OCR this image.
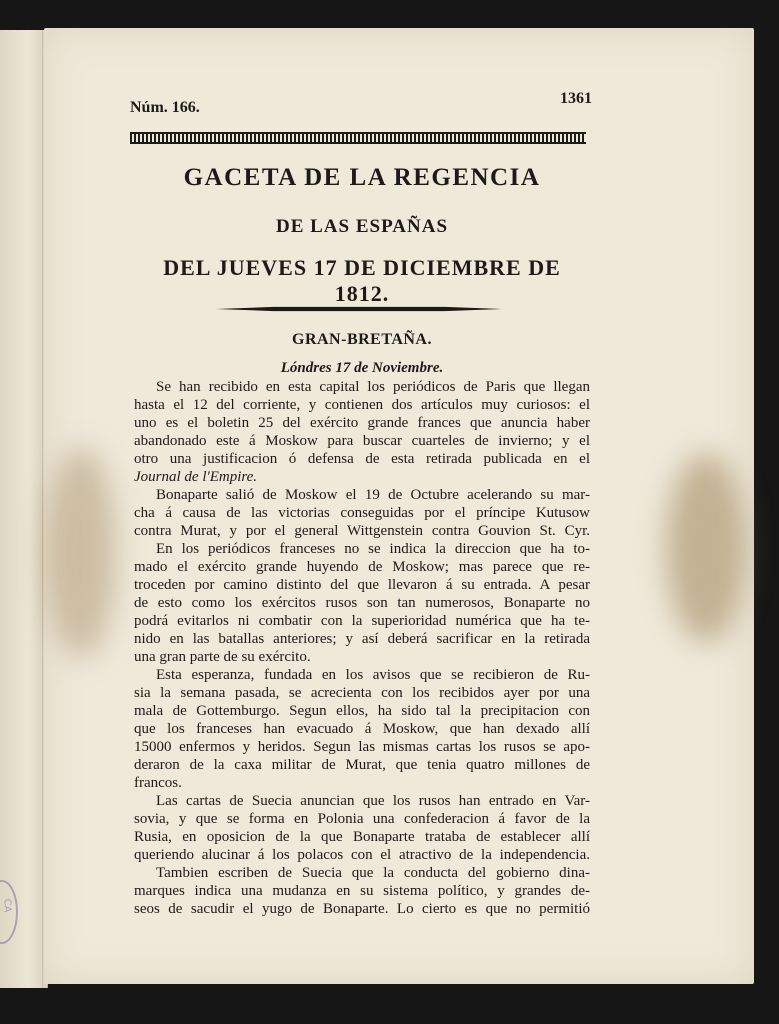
CA
Núm. 166.
1361
GACETA DE LA REGENCIA
DE LAS ESPAÑAS
DEL JUEVES 17 DE DICIEMBRE DE 1812.
GRAN-BRETAÑA.
Lóndres 17 de Noviembre.
Se han recibido en esta capital los periódicos de Paris que llegan
hasta el 12 del corriente, y contienen dos artículos muy curiosos: el
uno es el boletin 25 del exército grande frances que anuncia haber
abandonado este á Moskow para buscar cuarteles de invierno; y el
otro una justificacion ó defensa de esta retirada publicada en el
Journal de l'Empire.
Bonaparte salió de Moskow el 19 de Octubre acelerando su mar-
cha á causa de las victorias conseguidas por el príncipe Kutusow
contra Murat, y por el general Wittgenstein contra Gouvion St. Cyr.
En los periódicos franceses no se indica la direccion que ha to-
mado el exército grande huyendo de Moskow; mas parece que re-
troceden por camino distinto del que llevaron á su entrada. A pesar
de esto como los exércitos rusos son tan numerosos, Bonaparte no
podrá evitarlos ni combatir con la superioridad numérica que ha te-
nido en las batallas anteriores; y así deberá sacrificar en la retirada
una gran parte de su exército.
Esta esperanza, fundada en los avisos que se recibieron de Ru-
sia la semana pasada, se acrecienta con los recibidos ayer por una
mala de Gottemburgo. Segun ellos, ha sido tal la precipitacion con
que los franceses han evacuado á Moskow, que han dexado allí
15000 enfermos y heridos. Segun las mismas cartas los rusos se apo-
deraron de la caxa militar de Murat, que tenia quatro millones de
francos.
Las cartas de Suecia anuncian que los rusos han entrado en Var-
sovia, y que se forma en Polonia una confederacion á favor de la
Rusia, en oposicion de la que Bonaparte trataba de establecer allí
queriendo alucinar á los polacos con el atractivo de la independencia.
Tambien escriben de Suecia que la conducta del gobierno dina-
marques indica una mudanza en su sistema político, y grandes de-
seos de sacudir el yugo de Bonaparte. Lo cierto es que no permitió
